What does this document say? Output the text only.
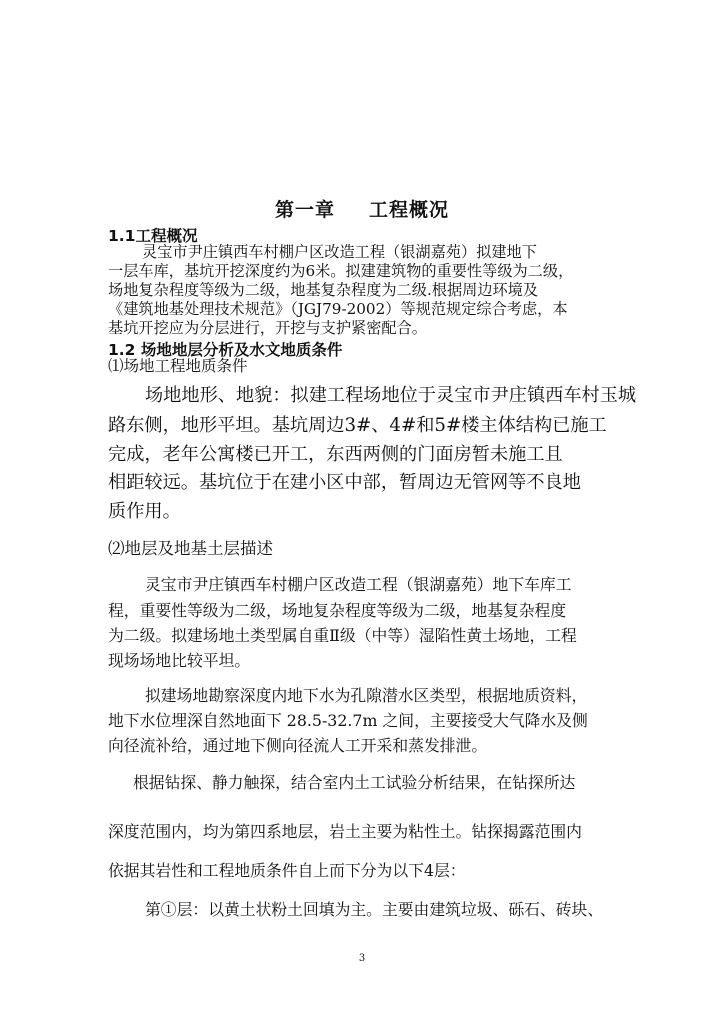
第一章 工程概况
1.1工程概况
灵宝市尹庄镇西车村棚户区改造工程（银湖嘉苑）拟建地下
一层车库，基坑开挖深度约为6米。拟建建筑物的重要性等级为二级，
场地复杂程度等级为二级，地基复杂程度为二级.根据周边环境及
《建筑地基处理技术规范》（JGJ79-2002）等规范规定综合考虑，本
基坑开挖应为分层进行，开挖与支护紧密配合。
1.2 场地地层分析及水文地质条件
⑴场地工程地质条件
场地地形、地貌：拟建工程场地位于灵宝市尹庄镇西车村玉城
路东侧，地形平坦。基坑周边3#、4#和5#楼主体结构已施工
完成，老年公寓楼已开工，东西两侧的门面房暂未施工且
相距较远。基坑位于在建小区中部，暂周边无管网等不良地
质作用。
⑵地层及地基土层描述
灵宝市尹庄镇西车村棚户区改造工程（银湖嘉苑）地下车库工
程，重要性等级为二级，场地复杂程度等级为二级，地基复杂程度
为二级。拟建场地土类型属自重Ⅱ级（中等）湿陷性黄土场地，工程
现场场地比较平坦。
拟建场地勘察深度内地下水为孔隙潜水区类型，根据地质资料，
地下水位埋深自然地面下 28.5-32.7m 之间，主要接受大气降水及侧
向径流补给，通过地下侧向径流人工开采和蒸发排泄。
根据钻探、静力触探，结合室内土工试验分析结果，在钻探所达
深度范围内，均为第四系地层，岩土主要为粘性土。钻探揭露范围内
依据其岩性和工程地质条件自上而下分为以下4层：
第①层：以黄土状粉土回填为主。主要由建筑垃圾、砾石、砖块、
3
